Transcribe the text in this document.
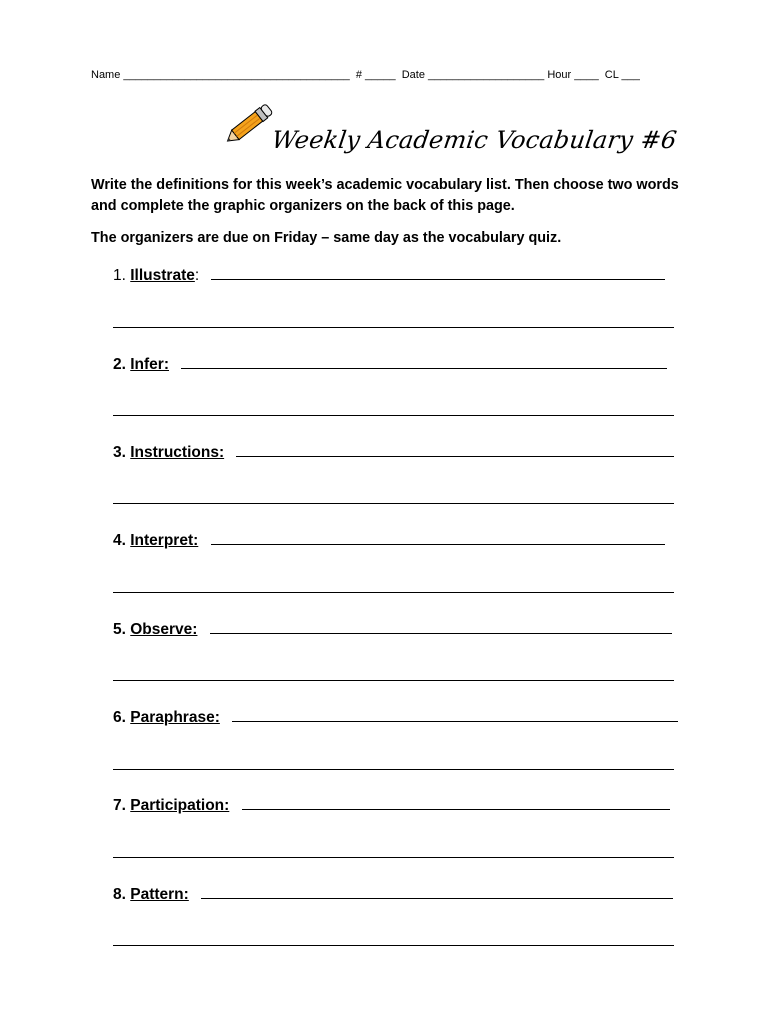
Name _____________________________________  # _____  Date ___________________ Hour ____  CL ___
Weekly Academic Vocabulary #6
Write the definitions for this week’s academic vocabulary list. Then choose two words and complete the graphic organizers on the back of this page.
The organizers are due on Friday – same day as the vocabulary quiz.
1. Illustrate:
2. Infer:
3. Instructions:
4. Interpret:
5. Observe:
6. Paraphrase:
7. Participation:
8. Pattern:
